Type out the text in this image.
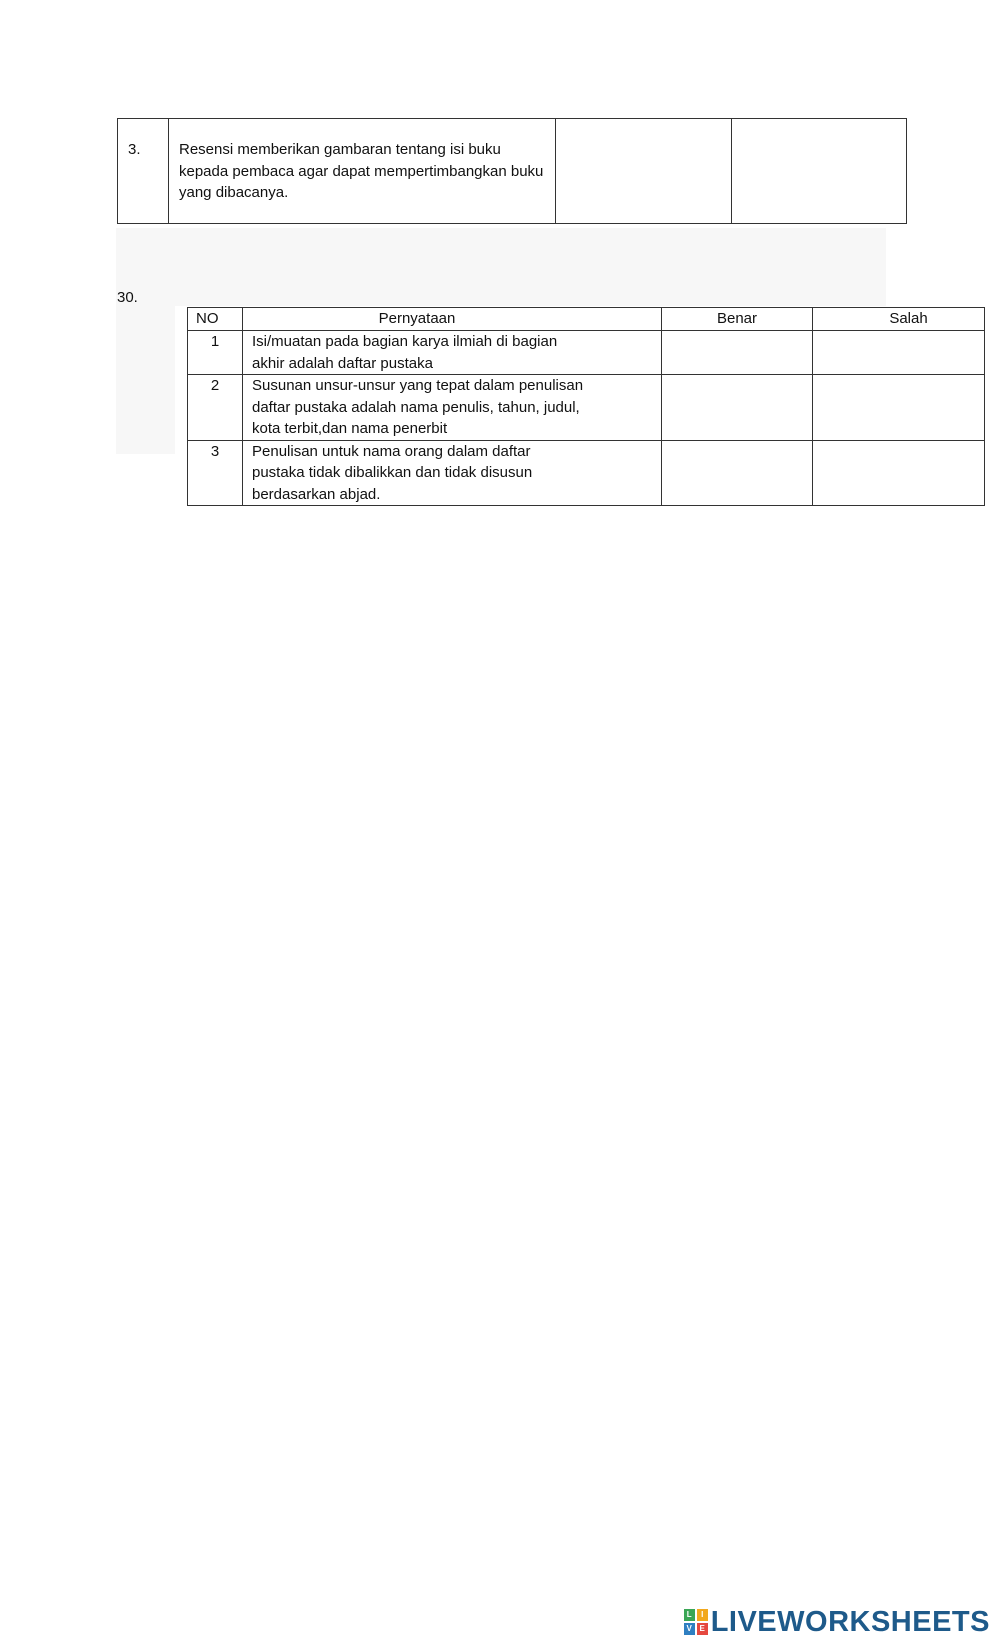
3.	Resensi memberikan gambaran tentang isi buku
kepada pembaca agar dapat mempertimbangkan buku
yang dibacanya.

30.
NO	Pernyataan	Benar	Salah
1	Isi/muatan pada bagian karya ilmiah di bagian
akhir adalah daftar pustaka		

2	Susunan unsur-unsur yang tepat dalam penulisan
daftar pustaka adalah nama penulis, tahun, judul,
kota terbit,dan nama penerbit		

3	Penulisan untuk nama orang dalam daftar
pustaka tidak dibalikkan dan tidak disusun
berdasarkan abjad.		

L	I
V E LIVEWORKSHEETS
